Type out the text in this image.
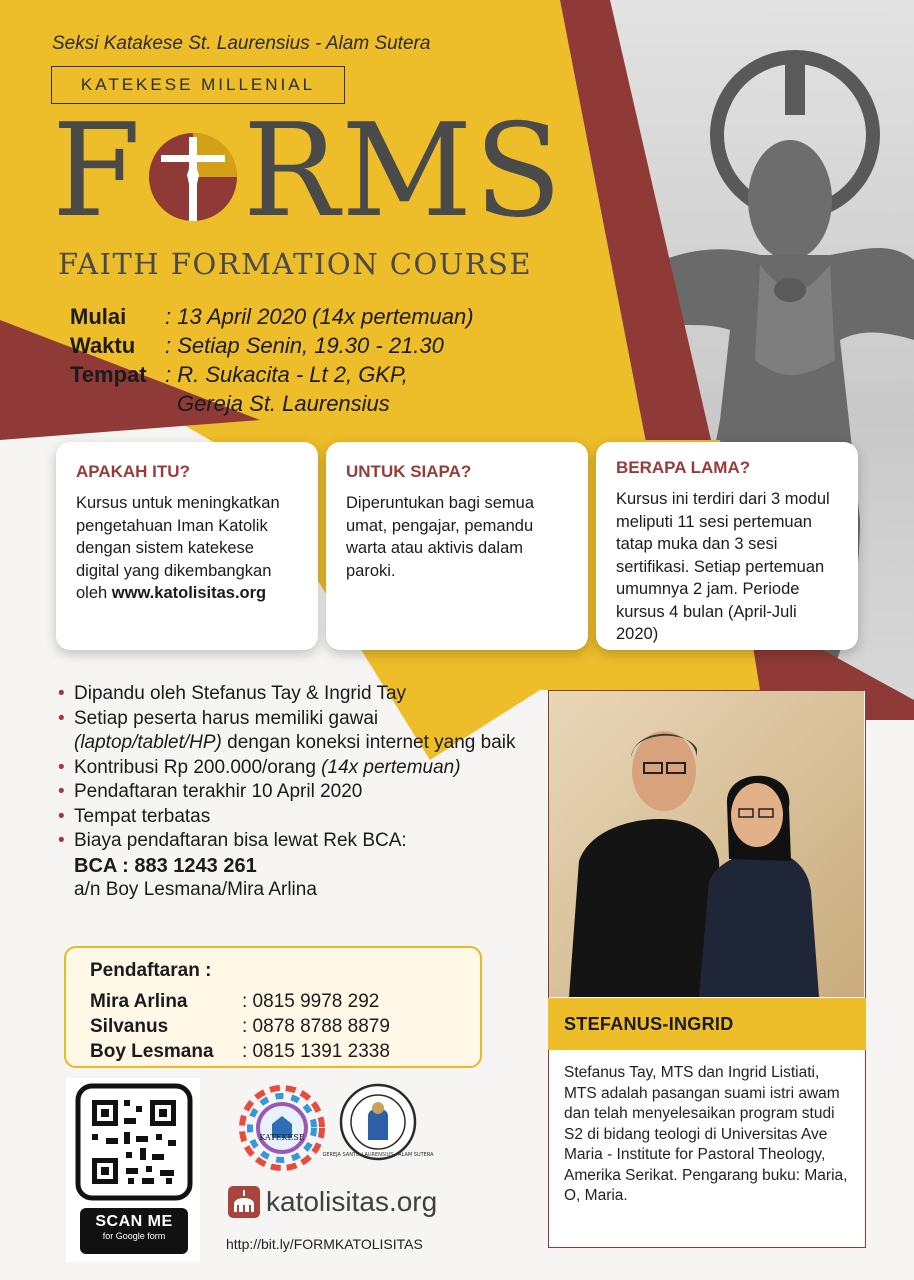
Seksi Katakese St. Laurensius - Alam Sutera
KATEKESE MILLENIAL
F RMS
FAITH FORMATION COURSE
Mulai	: 13 April 2020 (14x pertemuan)
Waktu	: Setiap Senin, 19.30 - 21.30
Tempat : R. Sukacita - Lt 2, GKP,
Gereja St. Laurensius
APAKAH ITU?

Kursus untuk meningkatkan pengetahuan Iman Katolik dengan sistem katekese digital yang dikembangkan oleh www.katolisitas.org

UNTUK SIAPA?

Diperuntukan bagi semua umat, pengajar, pemandu warta atau aktivis dalam paroki.

BERAPA LAMA?

Kursus ini terdiri dari 3 modul meliputi 11 sesi pertemuan tatap muka dan 3 sesi sertifikasi. Setiap pertemuan umumnya 2 jam. Periode kursus 4 bulan (April-Juli 2020)

• Dipandu oleh Stefanus Tay & Ingrid Tay
• Setiap peserta harus memiliki gawai (laptop/tablet/HP) dengan koneksi internet yang baik
• Kontribusi Rp 200.000/orang (14x pertemuan)
• Pendaftaran terakhir 10 April 2020
• Tempat terbatas
• Biaya pendaftaran bisa lewat Rek BCA:
BCA : 883 1243 261
a/n Boy Lesmana/Mira Arlina
Pendaftaran :
Mira Arlina	: 0815 9978 292
Silvanus	: 0878 8788 8879
Boy Lesmana	: 0815 1391 2338
SCAN ME
for Google form
KATEKESE
GEREJA SANTO LAURENSIUS · ALAM SUTERA
katolisitas.org
http://bit.ly/FORMKATOLISITAS
STEFANUS-INGRID
Stefanus Tay, MTS dan Ingrid Listiati, MTS adalah pasangan suami istri awam dan telah menyelesaikan program studi S2 di bidang teologi di Universitas Ave Maria - Institute for Pastoral Theology, Amerika Serikat. Pengarang buku: Maria, O, Maria.
